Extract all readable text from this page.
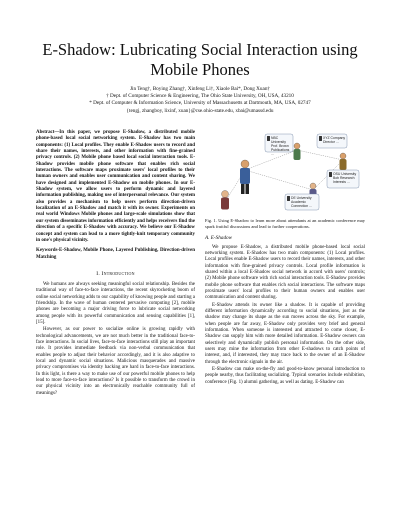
E-Shadow: Lubricating Social Interaction using
Mobile Phones
Jin Teng†, Boying Zhang†, Xinfeng Li†, Xiaole Bai*, Dong Xuan†
† Dept. of Computer Science & Engineering, The Ohio State University, OH, USA, 43210
* Dept. of Computer & Information Science, University of Massachusetts at Dartmouth, MA, USA, 02747
{tengj, zhangboy, lixinf, xuan}@cse.ohio-state.edu, xbai@umassd.edu

Abstract—In this paper, we propose E-Shadow, a distributed mobile phone-based local social networking system. E-Shadow has two main components: (1) Local profiles. They enable E-Shadow users to record and share their names, interests, and other information with fine-grained privacy controls. (2) Mobile phone based local social interaction tools. E-Shadow provides mobile phone software that enables rich social interactions. The software maps proximate users' local profiles to their human owners and enables user communication and content sharing. We have designed and implemented E-Shadow on mobile phones. In our E-Shadow system, we allow users to perform dynamic and layered information publishing, making use of interpersonal relevance. Our system also provides a mechanism to help users perform direction-driven localization of an E-Shadow and match it with its owner. Experiments on real world Windows Mobile phones and large-scale simulations show that our system disseminates information efficiently and helps receivers find the direction of a specific E-Shadow with accuracy. We believe our E-Shadow concept and system can lead to a more tightly-knit temporary community in one's physical vicinity.

Keywords-E-Shadow, Mobile Phone, Layered Publishing, Direction-driven Matching

I. Introduction

We humans are always seeking meaningful social relationship. Besides the traditional way of face-to-face interactions, the recent skyrocketing boom of online social networking adds to our capability of knowing people and starting a friendship. In the wave of human centered pervasive computing [2], mobile phones are becoming a major driving force to lubricate social networking among people with its powerful communication and sensing capabilities [1], [15].

However, as our power to socialize online is growing rapidly with technological advancements, we are not much better in the traditional face-to-face interactions. In social lives, face-to-face interactions still play an important role. It provides immediate feedback via non-verbal communication that enables people to adjust their behavior accordingly, and it is also adaptive to local and dynamic social situations. Malicious masquerades and massive privacy compromises via identity hacking are hard in face-to-face interactions. In this light, is there a way to make use of our powerful mobile phones to help lead to more face-to-face interactions? Is it possible to transform the crowd in our physical vicinity into an electronically reachable community full of meanings?

NBC University Prof. Brown Publications ...
XYZ Company Director ...
OSU University Bob Research Interests ...
DE University Academic Connection ...

Fig. 1. Using E-Shadow to learn more about attendants at an academic conference may spark fruitful discussions and lead to further cooperations.

A. E-Shadow

We propose E-Shadow, a distributed mobile phone-based local social networking system. E-Shadow has two main components: (1) Local profiles. Local profiles enable E-Shadow users to record their names, interests, and other information with fine-grained privacy controls. Local profile information is shared within a local E-Shadow social network in accord with users' controls; (2) Mobile phone software with rich social interaction tools. E-Shadow provides mobile phone software that enables rich social interactions. The software maps proximate users' local profiles to their human owners and enables user communication and content sharing.

E-Shadow attends its owner like a shadow. It is capable of providing different information dynamically according to social situations, just as the shadow may change its shape as the sun moves across the sky. For example, when people are far away, E-Shadow only provides very brief and general information. When someone is interested and attracted to come closer, E-Shadow can supply him with more detailed information. E-Shadow owners can selectively and dynamically publish personal information. On the other side, users may mine the information from other E-shadows to catch points of interest, and, if interested, they may trace back to the owner of an E-Shadow through the electronic signals in the air.

E-Shadow can make on-the-fly and good-to-know personal introduction to people nearby, thus facilitating socializing. Typical scenarios include exhibition, conference (Fig. 1) alumni gathering, as well as dating. E-Shadow can
